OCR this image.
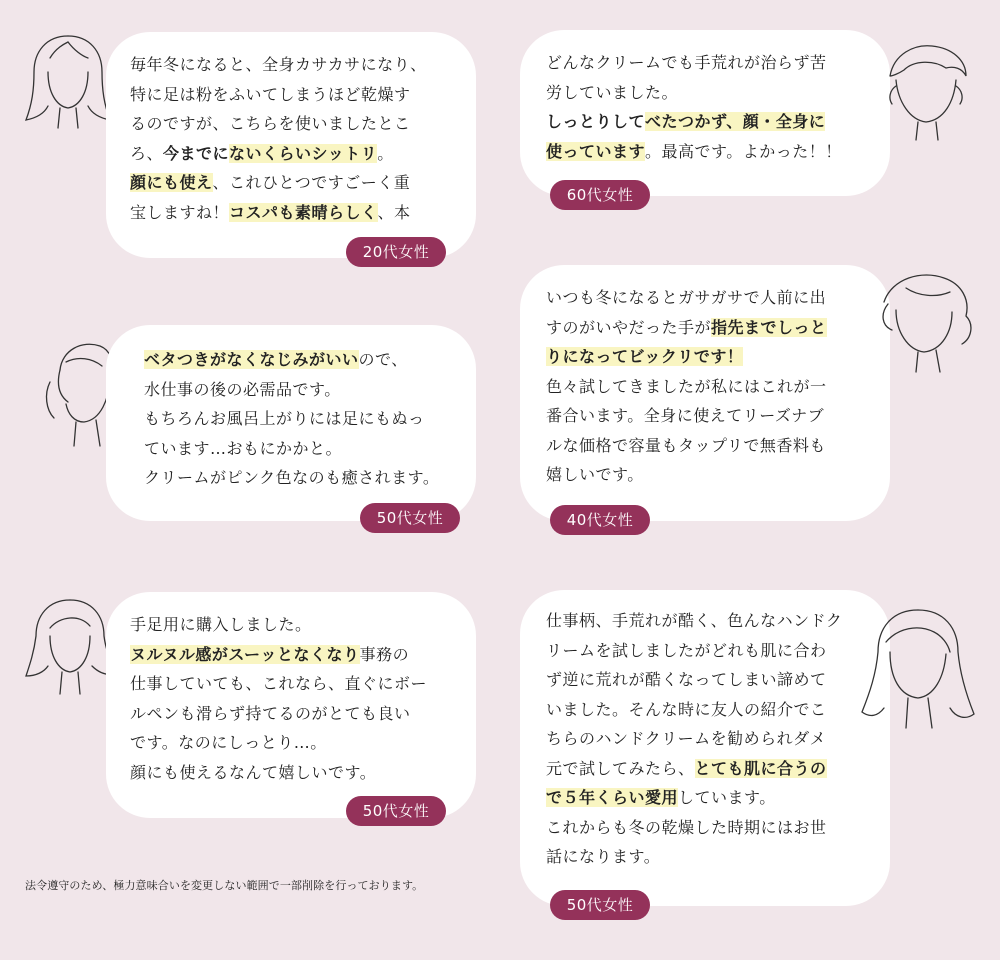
毎年冬になると、全身カサカサになり、
特に足は粉をふいてしまうほど乾燥す
るのですが、こちらを使いましたとこ
ろ、今までにないくらいシットリ。
顔にも使え、これひとつですごーく重
宝しますね！コスパも素晴らしく、本
20代女性
どんなクリームでも手荒れが治らず苦
労していました。
しっとりしてべたつかず、顔・全身に
使っています。最高です。よかった！！
60代女性
ベタつきがなくなじみがいいので、
水仕事の後の必需品です。
もちろんお風呂上がりには足にもぬっ
ています…おもにかかと。
クリームがピンク色なのも癒されます。
50代女性
いつも冬になるとガサガサで人前に出
すのがいやだった手が指先までしっと
りになってビックリです！
色々試してきましたが私にはこれが一
番合います。全身に使えてリーズナブ
ルな価格で容量もタップリで無香料も
嬉しいです。
40代女性
手足用に購入しました。
ヌルヌル感がスーッとなくなり事務の
仕事していても、これなら、直ぐにボー
ルペンも滑らず持てるのがとても良い
です。なのにしっとり…。
顔にも使えるなんて嬉しいです。
50代女性
仕事柄、手荒れが酷く、色んなハンドク
リームを試しましたがどれも肌に合わ
ず逆に荒れが酷くなってしまい諦めて
いました。そんな時に友人の紹介でこ
ちらのハンドクリームを勧められダメ
元で試してみたら、とても肌に合うの
で５年くらい愛用しています。
これからも冬の乾燥した時期にはお世
話になります。
50代女性
法令遵守のため、極力意味合いを変更しない範囲で一部削除を行っております。
